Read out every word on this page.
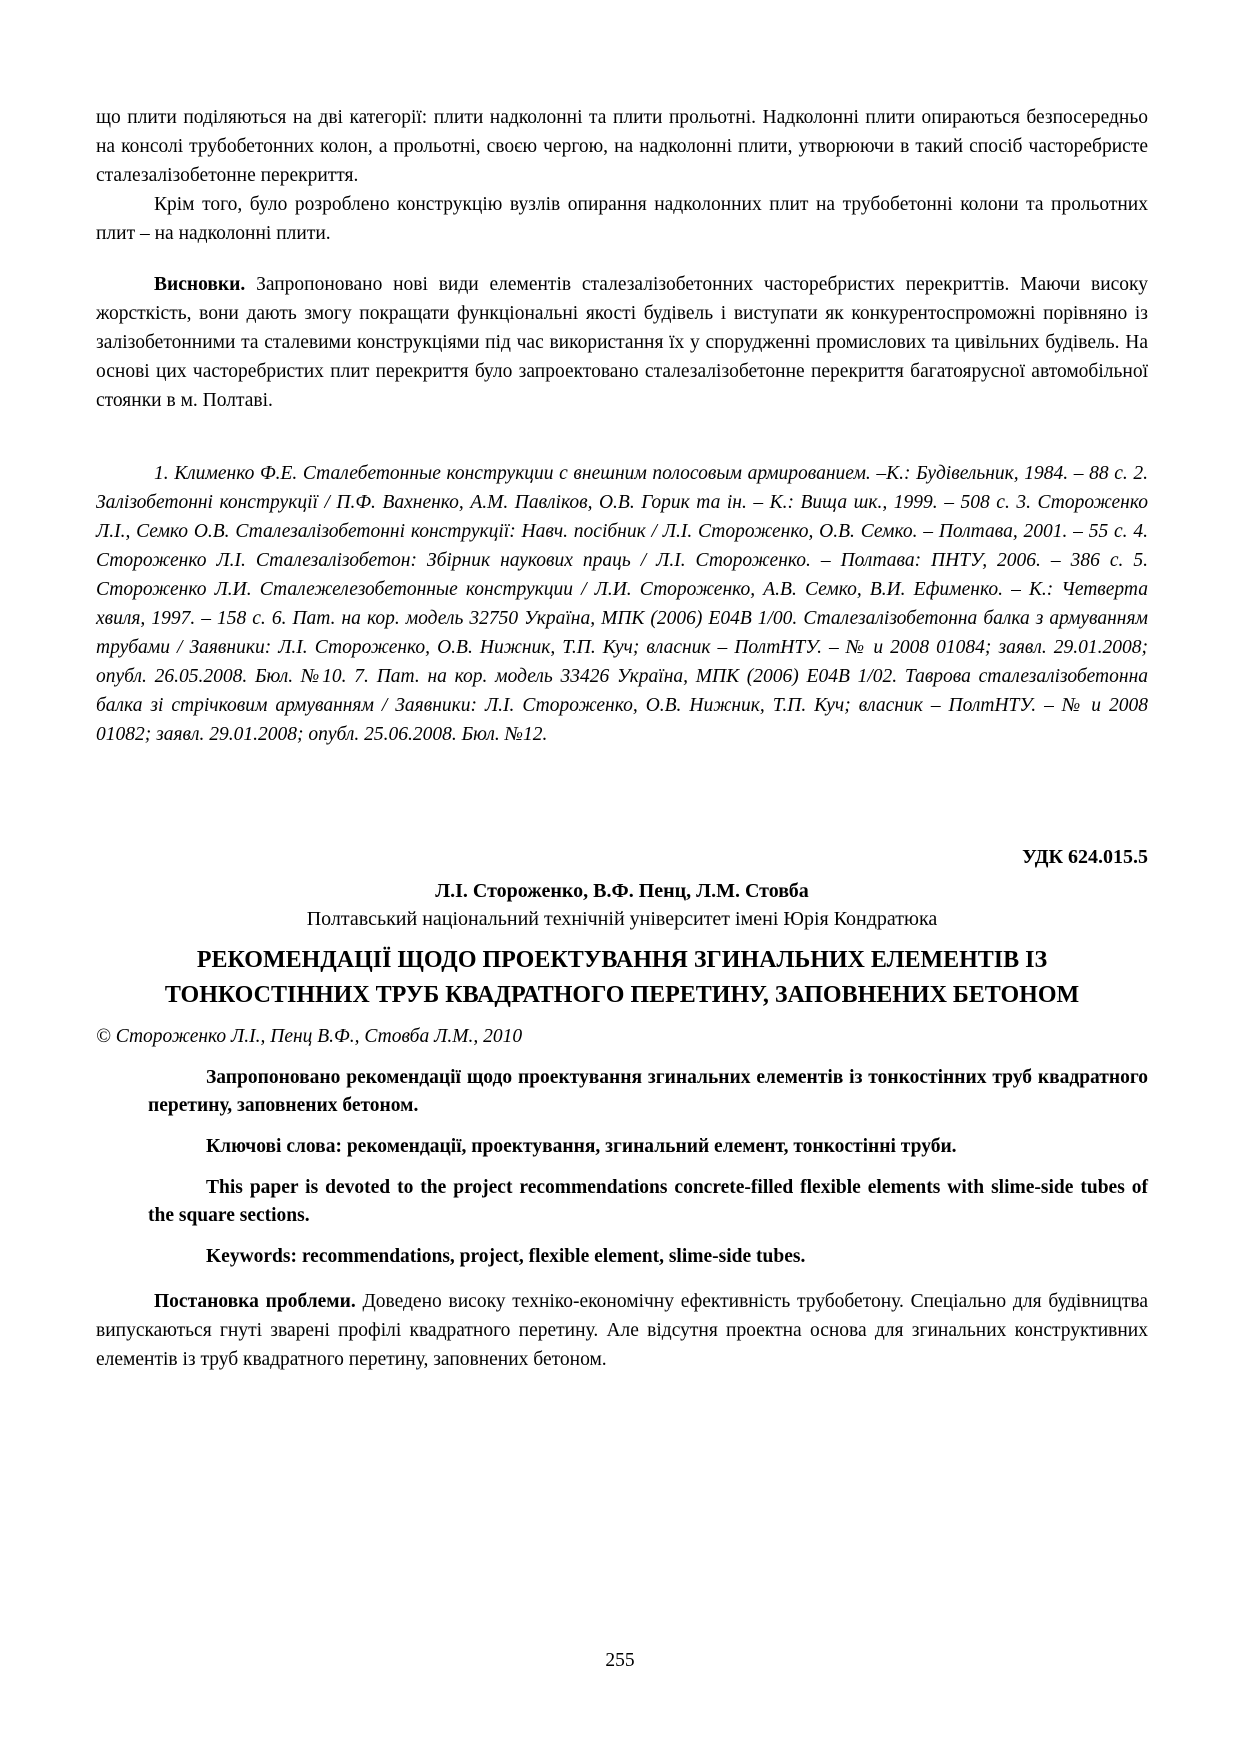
що плити поділяються на дві категорії: плити надколонні та плити прольотні. Надколонні плити опираються безпосередньо на консолі трубобетонних колон, а прольотні, своєю чергою, на надколонні плити, утворюючи в такий спосіб часторебристе сталезалізобетонне перекриття.

Крім того, було розроблено конструкцію вузлів опирання надколонних плит на трубобетонні колони та прольотних плит – на надколонні плити.

Висновки. Запропоновано нові види елементів сталезалізобетонних часторебристих перекриттів. Маючи високу жорсткість, вони дають змогу покращати функціональні якості будівель і виступати як конкурентоспроможні порівняно із залізобетонними та сталевими конструкціями під час використання їх у спорудженні промислових та цивільних будівель. На основі цих часторебристих плит перекриття було запроектовано сталезалізобетонне перекриття багатоярусної автомобільної стоянки в м. Полтаві.

1. Клименко Ф.Е. Сталебетонные конструкции с внешним полосовым армированием. –К.: Будівельник, 1984. – 88 с. 2. Залізобетонні конструкції / П.Ф. Вахненко, А.М. Павліков, О.В. Горик та ін. – К.: Вища шк., 1999. – 508 с. 3. Стороженко Л.І., Семко О.В. Сталезалізобетонні конструкції: Навч. посібник / Л.І. Стороженко, О.В. Семко. – Полтава, 2001. – 55 с. 4. Стороженко Л.І. Сталезалізобетон: Збірник наукових праць / Л.І. Стороженко. – Полтава: ПНТУ, 2006. – 386 с. 5. Стороженко Л.И. Сталежелезобетонные конструкции / Л.И. Стороженко, А.В. Семко, В.И. Ефименко. – К.: Четверта хвиля, 1997. – 158 с. 6. Пат. на кор. модель 32750 Україна, МПК (2006) Е04В 1/00. Сталезалізобетонна балка з армуванням трубами / Заявники: Л.І. Стороженко, О.В. Нижник, Т.П. Куч; власник – ПолтНТУ. – № и 2008 01084; заявл. 29.01.2008; опубл. 26.05.2008. Бюл. №10. 7. Пат. на кор. модель 33426 Україна, МПК (2006) Е04В 1/02. Таврова сталезалізобетонна балка зі стрічковим армуванням / Заявники: Л.І. Стороженко, О.В. Нижник, Т.П. Куч; власник – ПолтНТУ. – № и 2008 01082; заявл. 29.01.2008; опубл. 25.06.2008. Бюл. №12.

УДК 624.015.5

Л.І. Стороженко, В.Ф. Пенц, Л.М. Стовба

Полтавський національний технічній університет імені Юрія Кондратюка

РЕКОМЕНДАЦІЇ ЩОДО ПРОЕКТУВАННЯ ЗГИНАЛЬНИХ ЕЛЕМЕНТІВ ІЗ ТОНКОСТІННИХ ТРУБ КВАДРАТНОГО ПЕРЕТИНУ, ЗАПОВНЕНИХ БЕТОНОМ

© Стороженко Л.І., Пенц В.Ф., Стовба Л.М., 2010

Запропоновано рекомендації щодо проектування згинальних елементів із тонкостінних труб квадратного перетину, заповнених бетоном.

Ключові слова: рекомендації, проектування, згинальний елемент, тонкостінні труби.

This paper is devoted to the project recommendations concrete-filled flexible elements with slime-side tubes of the square sections.

Keywords: recommendations, project, flexible element, slime-side tubes.

Постановка проблеми. Доведено високу техніко-економічну ефективність трубобетону. Спеціально для будівництва випускаються гнуті зварені профілі квадратного перетину. Але відсутня проектна основа для згинальних конструктивних елементів із труб квадратного перетину, заповнених бетоном.

255
